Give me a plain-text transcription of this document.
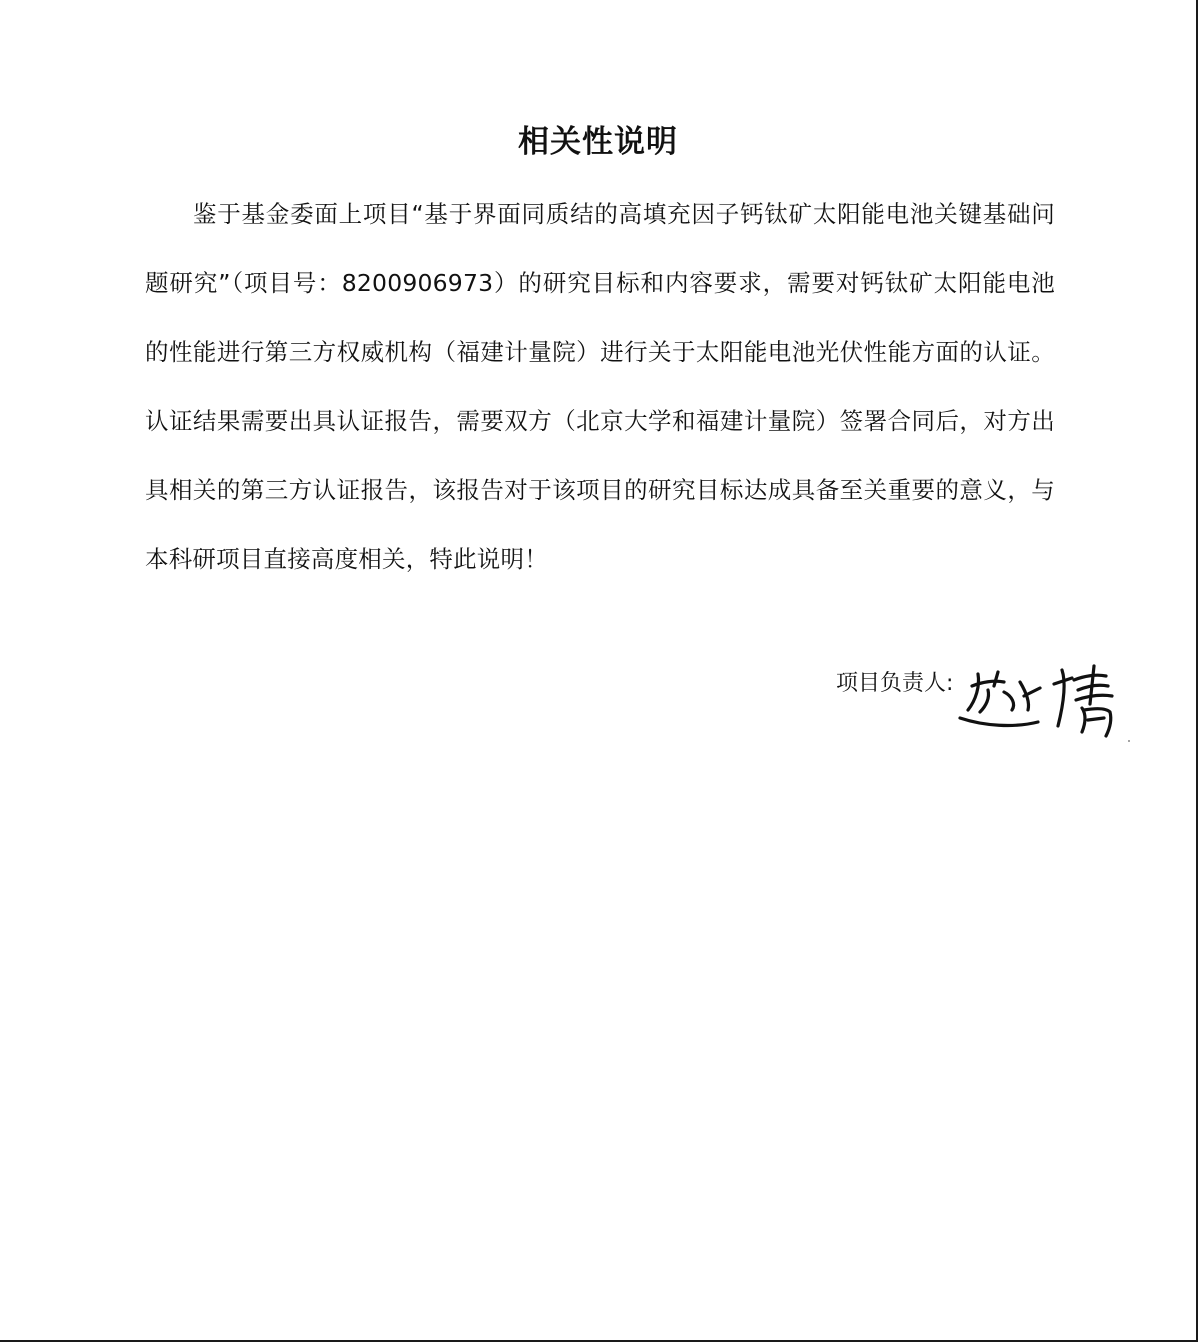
相关性说明

鉴于基金委面上项目“基于界面同质结的高填充因子钙钛矿太阳能电池关键基础问题研究”（项目号：8200906973）的研究目标和内容要求，需要对钙钛矿太阳能电池的性能进行第三方权威机构（福建计量院）进行关于太阳能电池光伏性能方面的认证。认证结果需要出具认证报告，需要双方（北京大学和福建计量院）签署合同后，对方出具相关的第三方认证报告，该报告对于该项目的研究目标达成具备至关重要的意义，与本科研项目直接高度相关，特此说明！

项目负责人:
